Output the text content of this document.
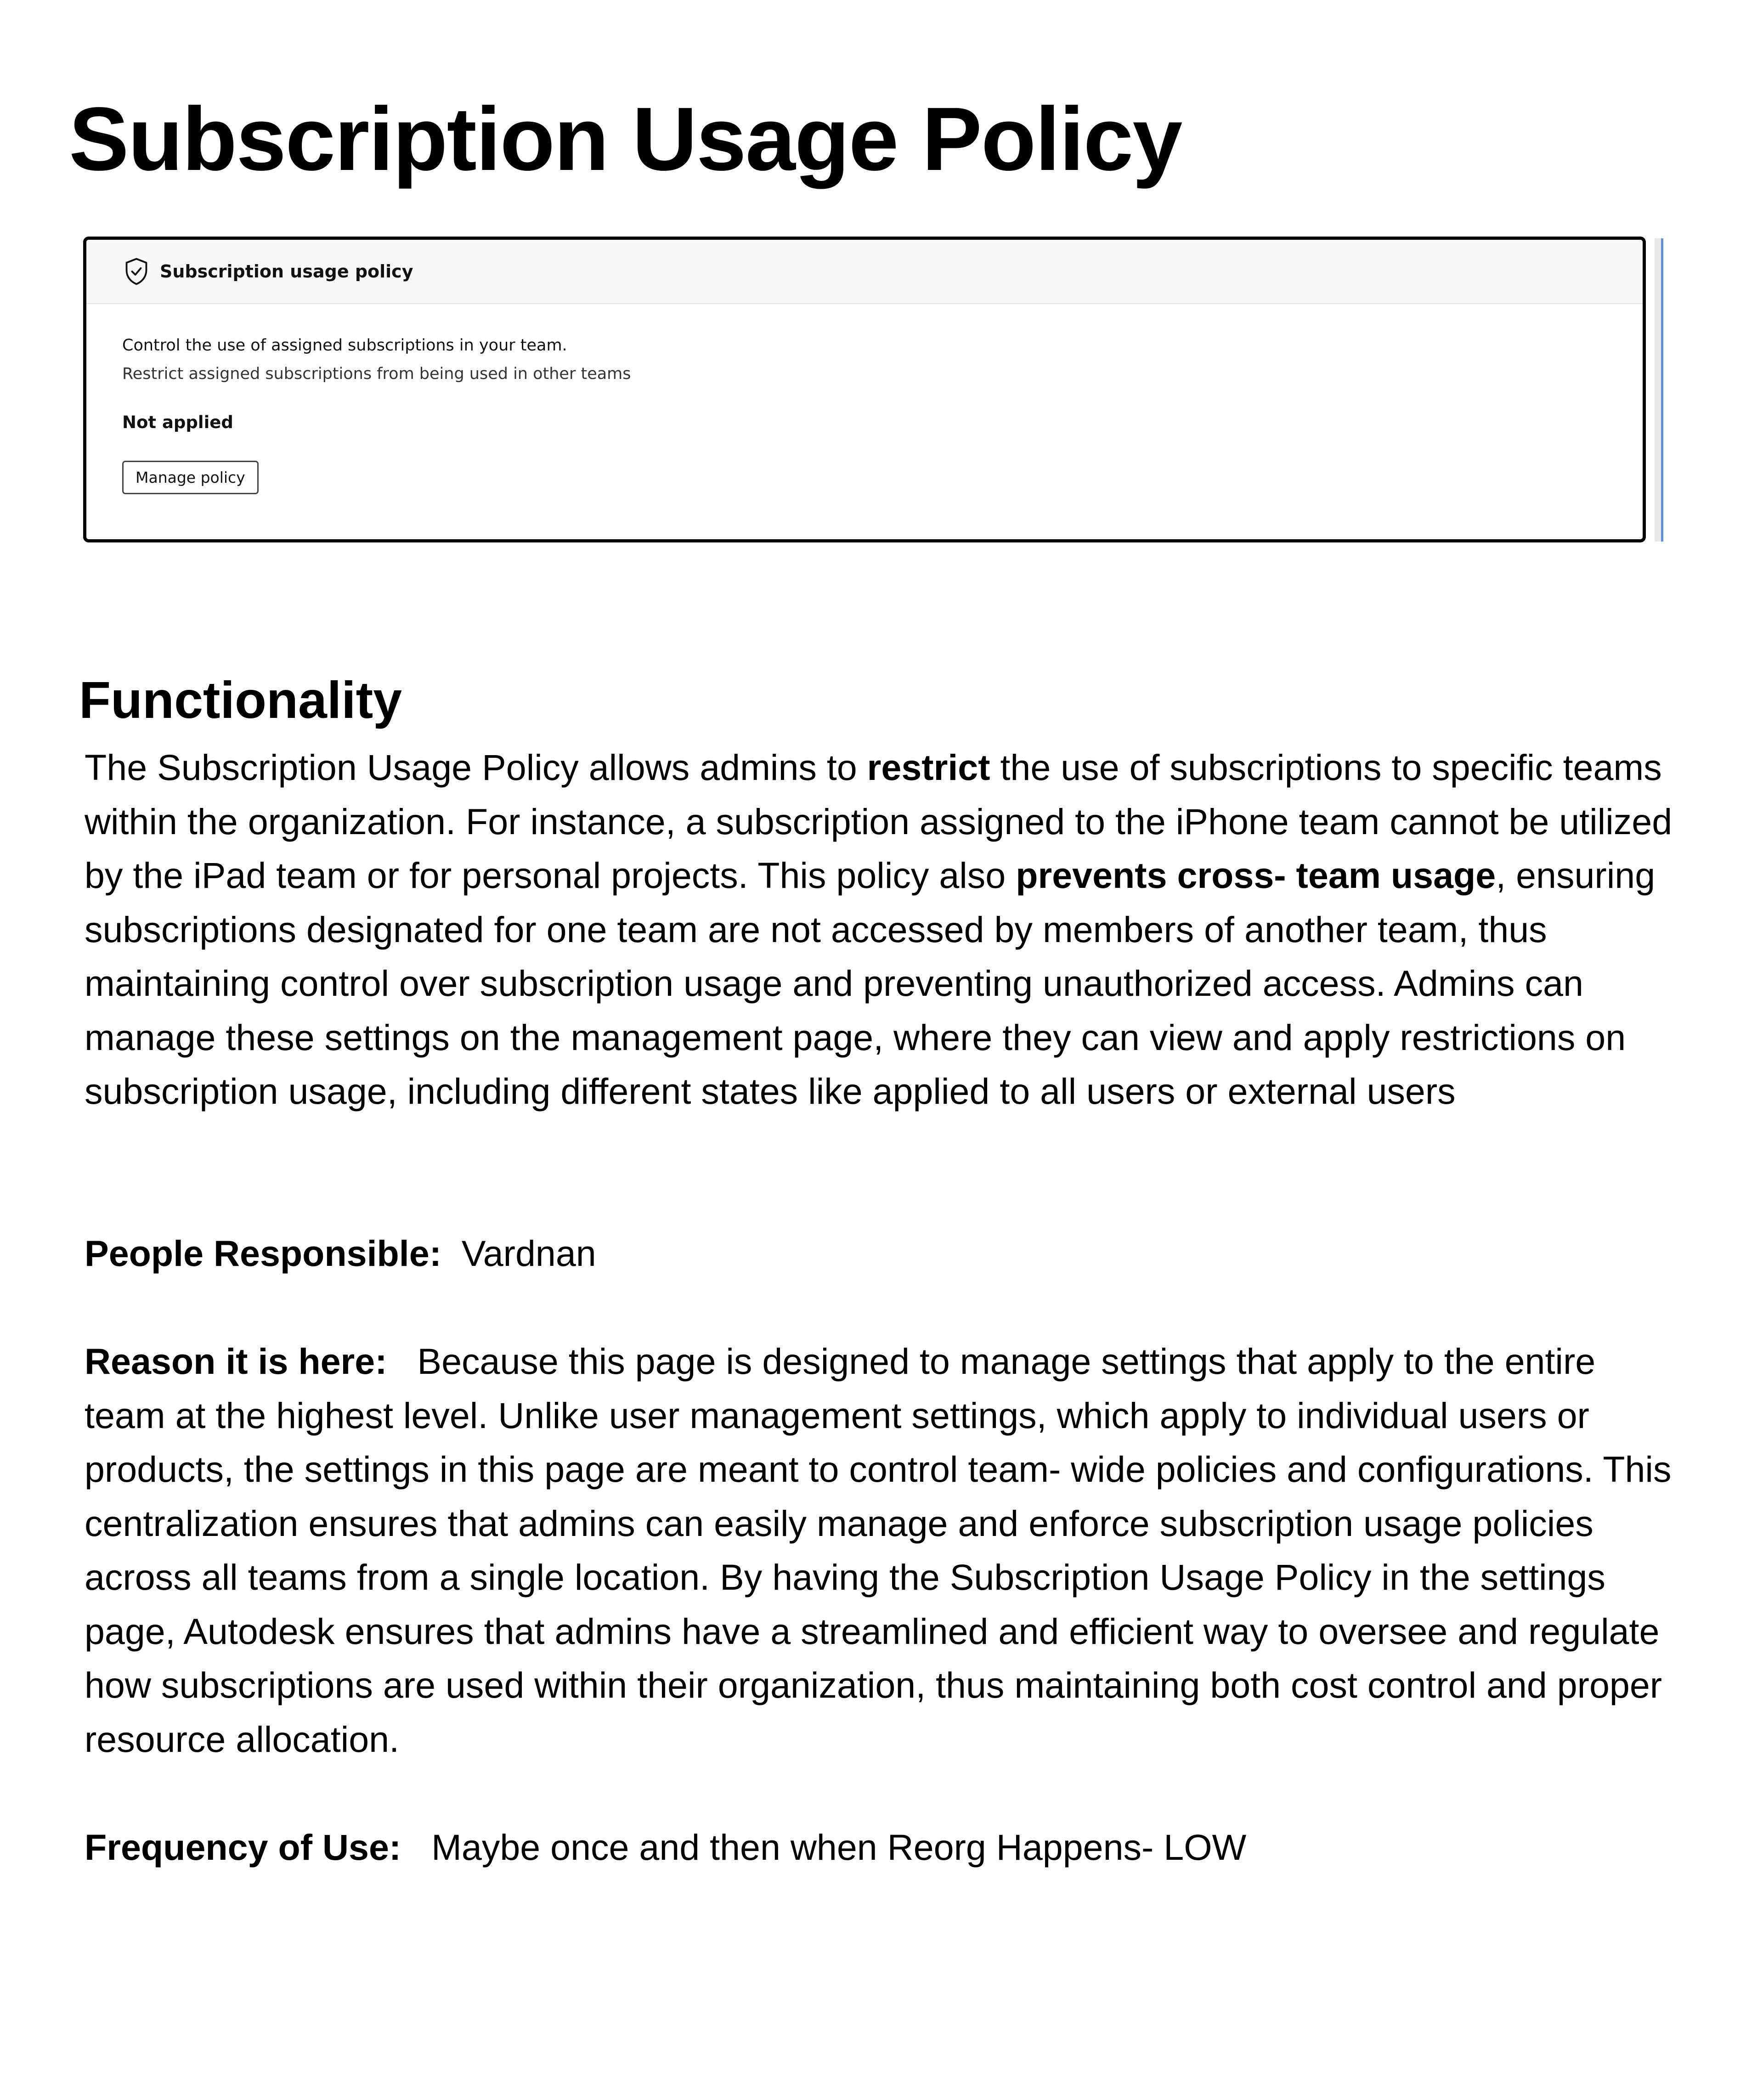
Subscription Usage Policy
Subscription usage policy
Control the use of assigned subscriptions in your team.
Restrict assigned subscriptions from being used in other teams
Not applied
Manage policy
Functionality

The Subscription Usage Policy allows admins to restrict the use of subscriptions to specific teams within the organization. For instance, a subscription assigned to the iPhone team cannot be utilized by the iPad team or for personal projects. This policy also prevents cross- team usage, ensuring subscriptions designated for one team are not accessed by members of another team, thus maintaining control over subscription usage and preventing unauthorized access. Admins can manage these settings on the management page, where they can view and apply restrictions on subscription usage, including different states like applied to all users or external users

People Responsible: Vardnan

Reason it is here: Because this page is designed to manage settings that apply to the entire team at the highest level. Unlike user management settings, which apply to individual users or products, the settings in this page are meant to control team- wide policies and configurations. This centralization ensures that admins can easily manage and enforce subscription usage policies across all teams from a single location. By having the Subscription Usage Policy in the settings page, Autodesk ensures that admins have a streamlined and efficient way to oversee and regulate how subscriptions are used within their organization, thus maintaining both cost control and proper resource allocation.

Frequency of Use: Maybe once and then when Reorg Happens- LOW
